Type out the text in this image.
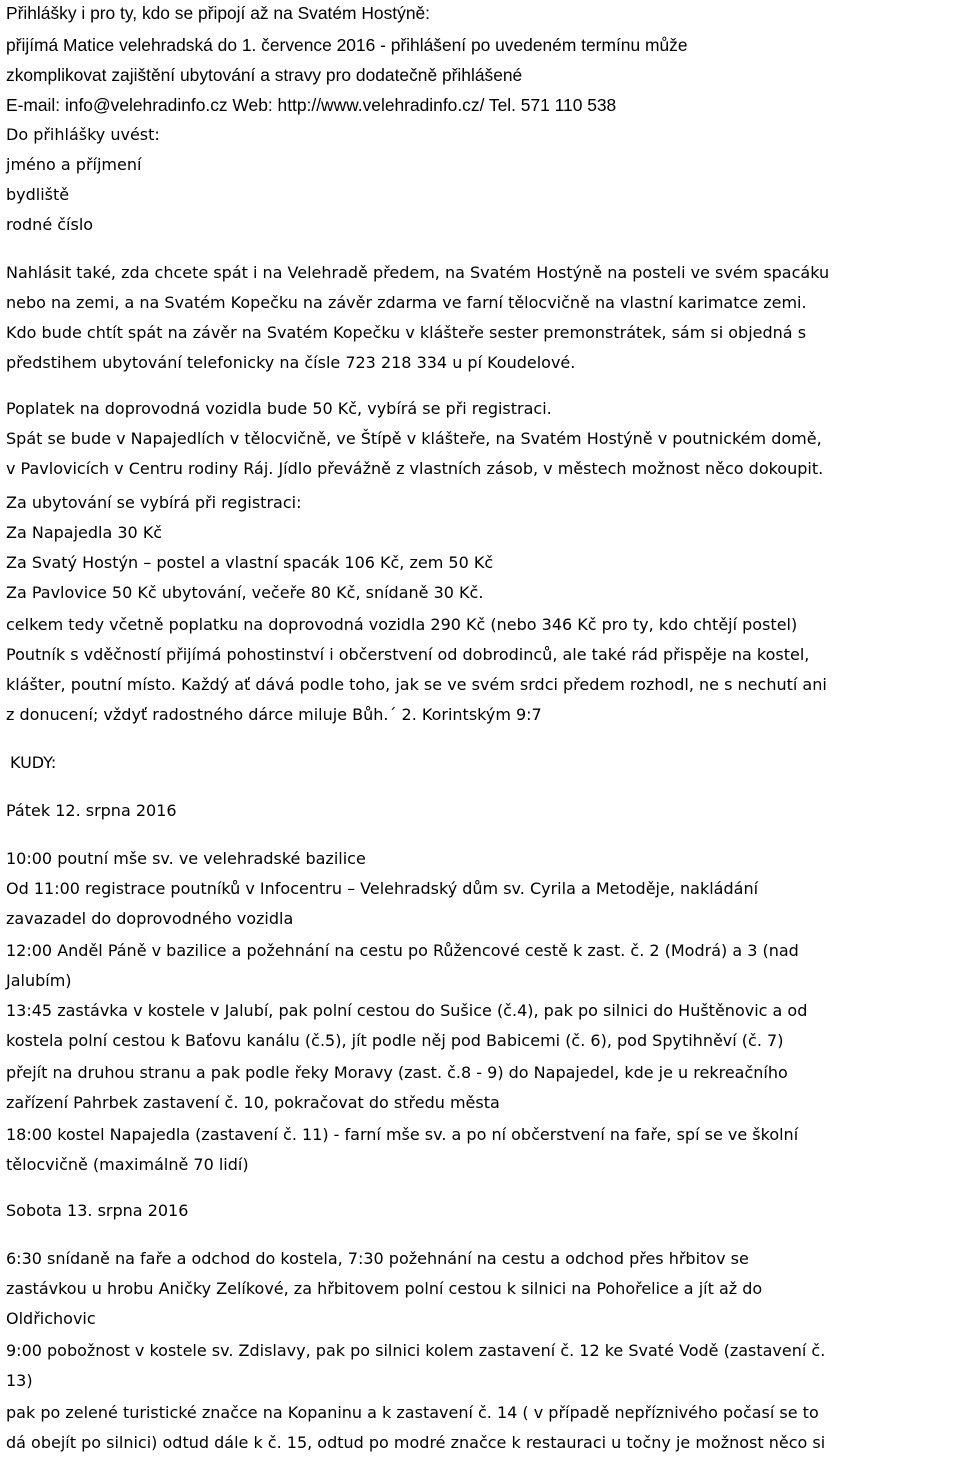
Přihlášky i pro ty, kdo se připojí až na Svatém Hostýně:
přijímá Matice velehradská do 1. července 2016 - přihlášení po uvedeném termínu může
zkomplikovat zajištění ubytování a stravy pro dodatečně přihlášené
E-mail: info@velehradinfo.cz Web: http://www.velehradinfo.cz/ Tel. 571 110 538
Do přihlášky uvést:
jméno a příjmení
bydliště
rodné číslo
Nahlásit také, zda chcete spát i na Velehradě předem, na Svatém Hostýně na posteli ve svém spacáku
nebo na zemi, a na Svatém Kopečku na závěr zdarma ve farní tělocvičně na vlastní karimatce zemi.
Kdo bude chtít spát na závěr na Svatém Kopečku v klášteře sester premonstrátek, sám si objedná s
předstihem ubytování telefonicky na čísle 723 218 334 u pí Koudelové.
Poplatek na doprovodná vozidla bude 50 Kč, vybírá se při registraci.
Spát se bude v Napajedlích v tělocvičně, ve Štípě v klášteře, na Svatém Hostýně v poutnickém domě,
v Pavlovicích v Centru rodiny Ráj. Jídlo převážně z vlastních zásob, v městech možnost něco dokoupit.
Za ubytování se vybírá při registraci:
Za Napajedla 30 Kč
Za Svatý Hostýn – postel a vlastní spacák 106 Kč, zem 50 Kč
Za Pavlovice 50 Kč ubytování, večeře 80 Kč, snídaně 30 Kč.
celkem tedy včetně poplatku na doprovodná vozidla 290 Kč (nebo 346 Kč pro ty, kdo chtějí postel)
Poutník s vděčností přijímá pohostinství i občerstvení od dobrodinců, ale také rád přispěje na kostel,
klášter, poutní místo. Každý ať dává podle toho, jak se ve svém srdci předem rozhodl, ne s nechutí ani
z donucení; vždyť radostného dárce miluje Bůh.´ 2. Korintským 9:7
KUDY:
Pátek 12. srpna 2016
10:00 poutní mše sv. ve velehradské bazilice
Od 11:00 registrace poutníků v Infocentru – Velehradský dům sv. Cyrila a Metoděje, nakládání
zavazadel do doprovodného vozidla
12:00 Anděl Páně v bazilice a požehnání na cestu po Růžencové cestě k zast. č. 2 (Modrá) a 3 (nad
Jalubím)
13:45 zastávka v kostele v Jalubí, pak polní cestou do Sušice (č.4), pak po silnici do Huštěnovic a od
kostela polní cestou k Baťovu kanálu (č.5), jít podle něj pod Babicemi (č. 6), pod Spytihněví (č. 7)
přejít na druhou stranu a pak podle řeky Moravy (zast. č.8 - 9) do Napajedel, kde je u rekreačního
zařízení Pahrbek zastavení č. 10, pokračovat do středu města
18:00 kostel Napajedla (zastavení č. 11) - farní mše sv. a po ní občerstvení na faře, spí se ve školní
tělocvičně (maximálně 70 lidí)
Sobota 13. srpna 2016
6:30 snídaně na faře a odchod do kostela, 7:30 požehnání na cestu a odchod přes hřbitov se
zastávkou u hrobu Aničky Zelíkové, za hřbitovem polní cestou k silnici na Pohořelice a jít až do
Oldřichovic
9:00 pobožnost v kostele sv. Zdislavy, pak po silnici kolem zastavení č. 12 ke Svaté Vodě (zastavení č.
13)
pak po zelené turistické značce na Kopaninu a k zastavení č. 14 ( v případě nepříznivého počasí se to
dá obejít po silnici) odtud dále k č. 15, odtud po modré značce k restauraci u točny je možnost něco si
